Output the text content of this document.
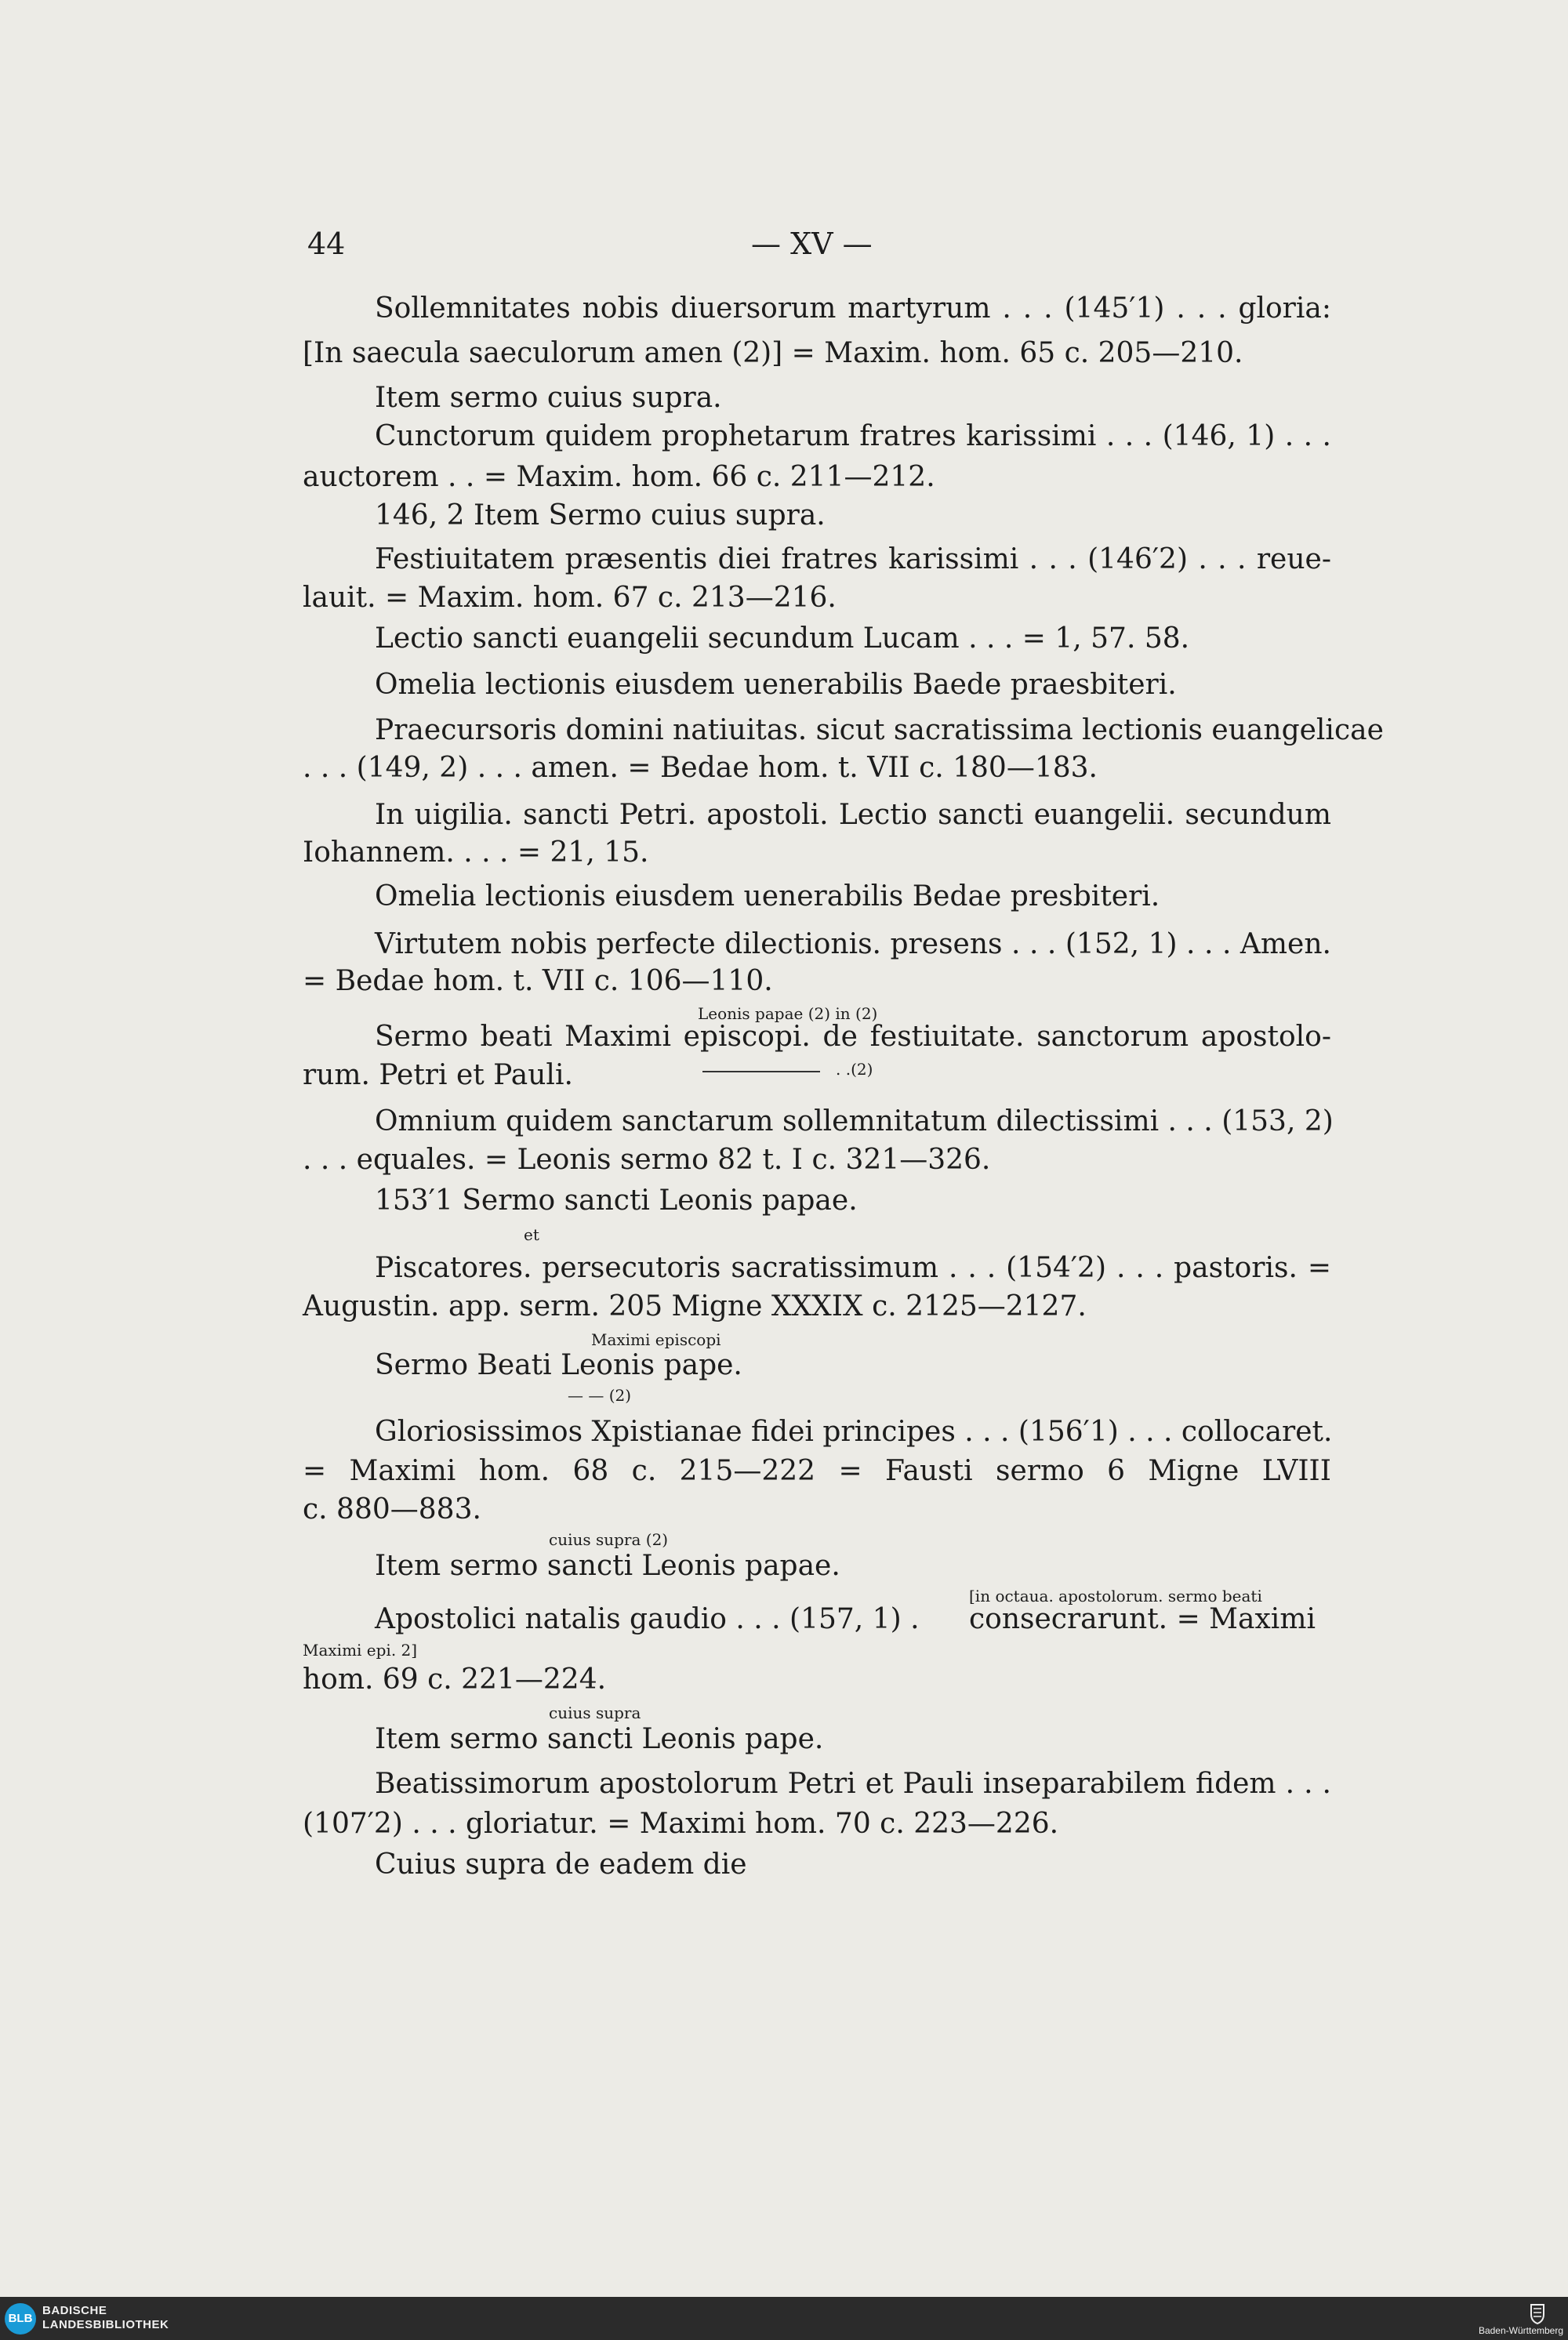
44	— XV —
Sollemnitates nobis diuersorum martyrum . . . (145′1) . . . gloria:
[In saecula saeculorum amen (2)] = Maxim. hom. 65 c. 205—210.
Item sermo cuius supra.
Cunctorum quidem prophetarum fratres karissimi . . . (146, 1) . . .
auctorem . . = Maxim. hom. 66 c. 211—212.
146, 2 Item Sermo cuius supra.
Festiuitatem præsentis diei fratres karissimi . . . (146′2) . . . reue-
lauit. = Maxim. hom. 67 c. 213—216.
Lectio sancti euangelii secundum Lucam . . . = 1, 57. 58.
Omelia lectionis eiusdem uenerabilis Baede praesbiteri.
Praecursoris domini natiuitas. sicut sacratissima lectionis euangelicae
. . . (149, 2) . . . amen. = Bedae hom. t. VII c. 180—183.
In uigilia. sancti Petri. apostoli. Lectio sancti euangelii. secundum
Iohannem. . . . = 21, 15.
Omelia lectionis eiusdem uenerabilis Bedae presbiteri.
Virtutem nobis perfecte dilectionis. presens . . . (152, 1) . . . Amen.
= Bedae hom. t. VII c. 106—110.
Leonis papae (2) in (2)
Sermo beati Maximi episcopi. de festiuitate. sanctorum apostolo-
rum. Petri et Pauli.	. .(2)
Omnium quidem sanctarum sollemnitatum dilectissimi . . . (153, 2)
. . . equales. = Leonis sermo 82 t. I c. 321—326.
153′1 Sermo sancti Leonis papae.
et
Piscatores. persecutoris sacratissimum . . . (154′2) . . . pastoris. =
Augustin. app. serm. 205 Migne XXXIX c. 2125—2127.
Maximi episcopi
Sermo Beati Leonis pape.
— — (2)
Gloriosissimos Xpistianae fidei principes . . . (156′1) . . . collocaret.
= Maximi hom. 68 c. 215—222 = Fausti sermo 6 Migne LVIII
c. 880—883.
cuius supra (2)
Item sermo sancti Leonis papae.
[in octaua. apostolorum. sermo beati
Apostolici natalis gaudio . . . (157, 1) . consecrarunt. = Maximi
Maximi epi. 2]
hom. 69 c. 221—224.
cuius supra
Item sermo sancti Leonis pape.
Beatissimorum apostolorum Petri et Pauli inseparabilem fidem . . .
(107′2) . . . gloriatur. = Maximi hom. 70 c. 223—226.
Cuius supra de eadem die
BLB
BADISCHE
LANDESBIBLIOTHEK	Baden-Württemberg
